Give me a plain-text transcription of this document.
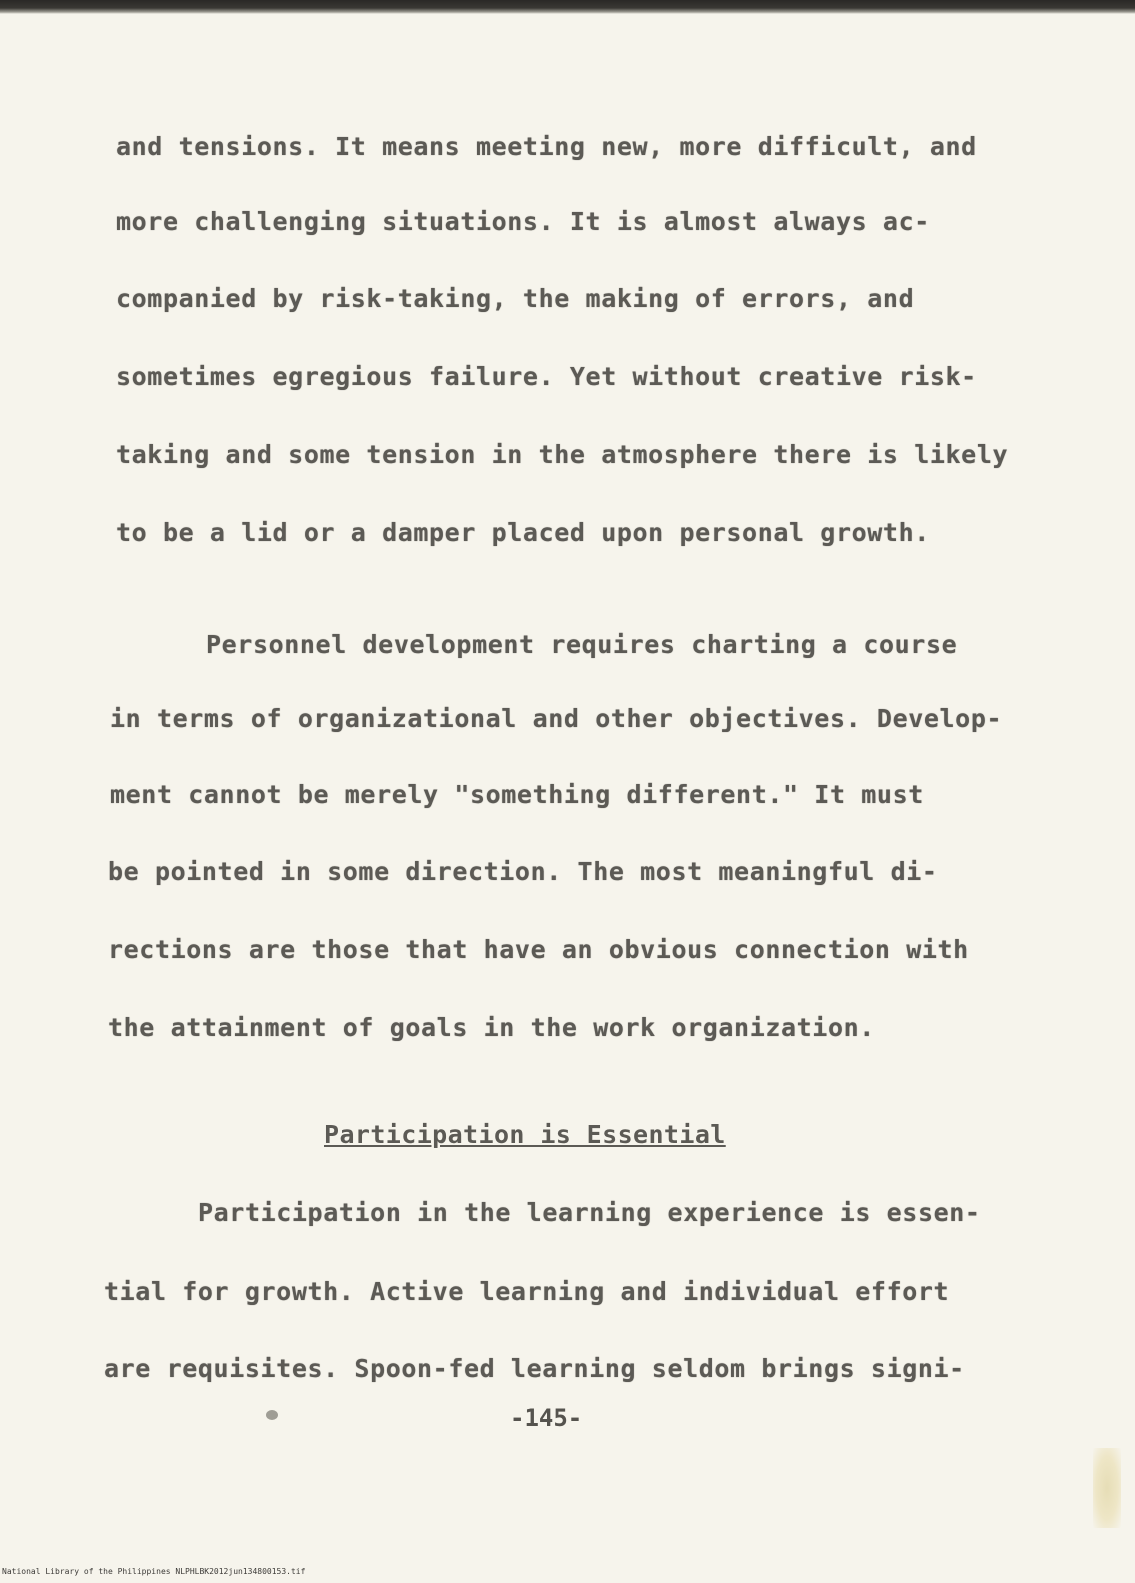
and tensions. It means meeting new, more difficult, and

more challenging situations. It is almost always ac-

companied by risk-taking, the making of errors, and

sometimes egregious failure. Yet without creative risk-

taking and some tension in the atmosphere there is likely

to be a lid or a damper placed upon personal growth.

Personnel development requires charting a course

in terms of organizational and other objectives. Develop-

ment cannot be merely "something different." It must

be pointed in some direction. The most meaningful di-

rections are those that have an obvious connection with

the attainment of goals in the work organization.

Participation is Essential

Participation in the learning experience is essen-

tial for growth. Active learning and individual effort

are requisites. Spoon-fed learning seldom brings signi-

-145-
National Library of the Philippines NLPHLBK2012jun134800153.tif
